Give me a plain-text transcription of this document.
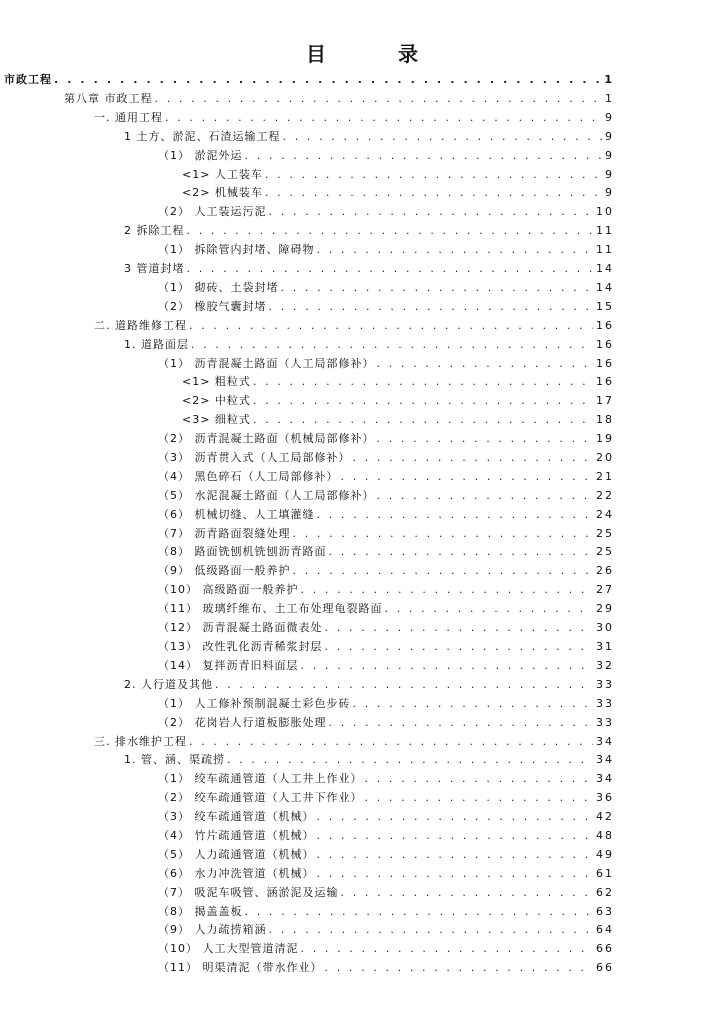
目　录
市政工程 . . .	1
第八章 市政工程 . . .	1
一. 通用工程 . . .	9
1 土方、淤泥、石渣运输工程 . . .	9
（1） 淤泥外运 . . .	9
<1> 人工装车 . . .	9
<2> 机械装车 . . .	9
（2） 人工装运污泥 . . .	10
2 拆除工程 . . .	11
（1） 拆除管内封堵、障碍物 . . .	11
3 管道封堵 . . .	14
（1） 砌砖、土袋封堵 . . .	14
（2） 橡胶气囊封堵 . . .	15
二. 道路维修工程 . . .	16
1. 道路面层 . . .	16
（1） 沥青混凝土路面（人工局部修补） . . .	16
<1> 粗粒式 . . .	16
<2> 中粒式 . . .	17
<3> 细粒式 . . .	18
（2） 沥青混凝土路面（机械局部修补） . . .	19
（3） 沥青贯入式（人工局部修补） . . .	20
（4） 黑色碎石（人工局部修补） . . .	21
（5） 水泥混凝土路面（人工局部修补） . . .	22
（6） 机械切缝、人工填灌缝 . . .	24
（7） 沥青路面裂缝处理 . . .	25
（8） 路面铣刨机铣刨沥青路面 . . .	25
（9） 低级路面一般养护 . . .	26
（10） 高级路面一般养护 . . .	27
（11） 玻璃纤维布、土工布处理龟裂路面 . . .	29
（12） 沥青混凝土路面微表处 . . .	30
（13） 改性乳化沥青稀浆封层 . . .	31
（14） 复拌沥青旧料面层 . . .	32
2. 人行道及其他 . . .	33
（1） 人工修补预制混凝土彩色步砖 . . .	33
（2） 花岗岩人行道板膨胀处理 . . .	33
三. 排水维护工程 . . .	34
1. 管、涵、渠疏捞 . . .	34
（1） 绞车疏通管道（人工井上作业） . . .	34
（2） 绞车疏通管道（人工井下作业） . . .	36
（3） 绞车疏通管道（机械） . . .	42
（4） 竹片疏通管道（机械） . . .	48
（5） 人力疏通管道（机械） . . .	49
（6） 水力冲洗管道（机械） . . .	61
（7） 吸泥车吸管、涵淤泥及运输 . . .	62
（8） 揭盖盖板 . . .	63
（9） 人力疏捞箱涵 . . .	64
（10） 人工大型管道清泥 . . .	66
（11） 明渠清泥（带水作业） . . .	66
